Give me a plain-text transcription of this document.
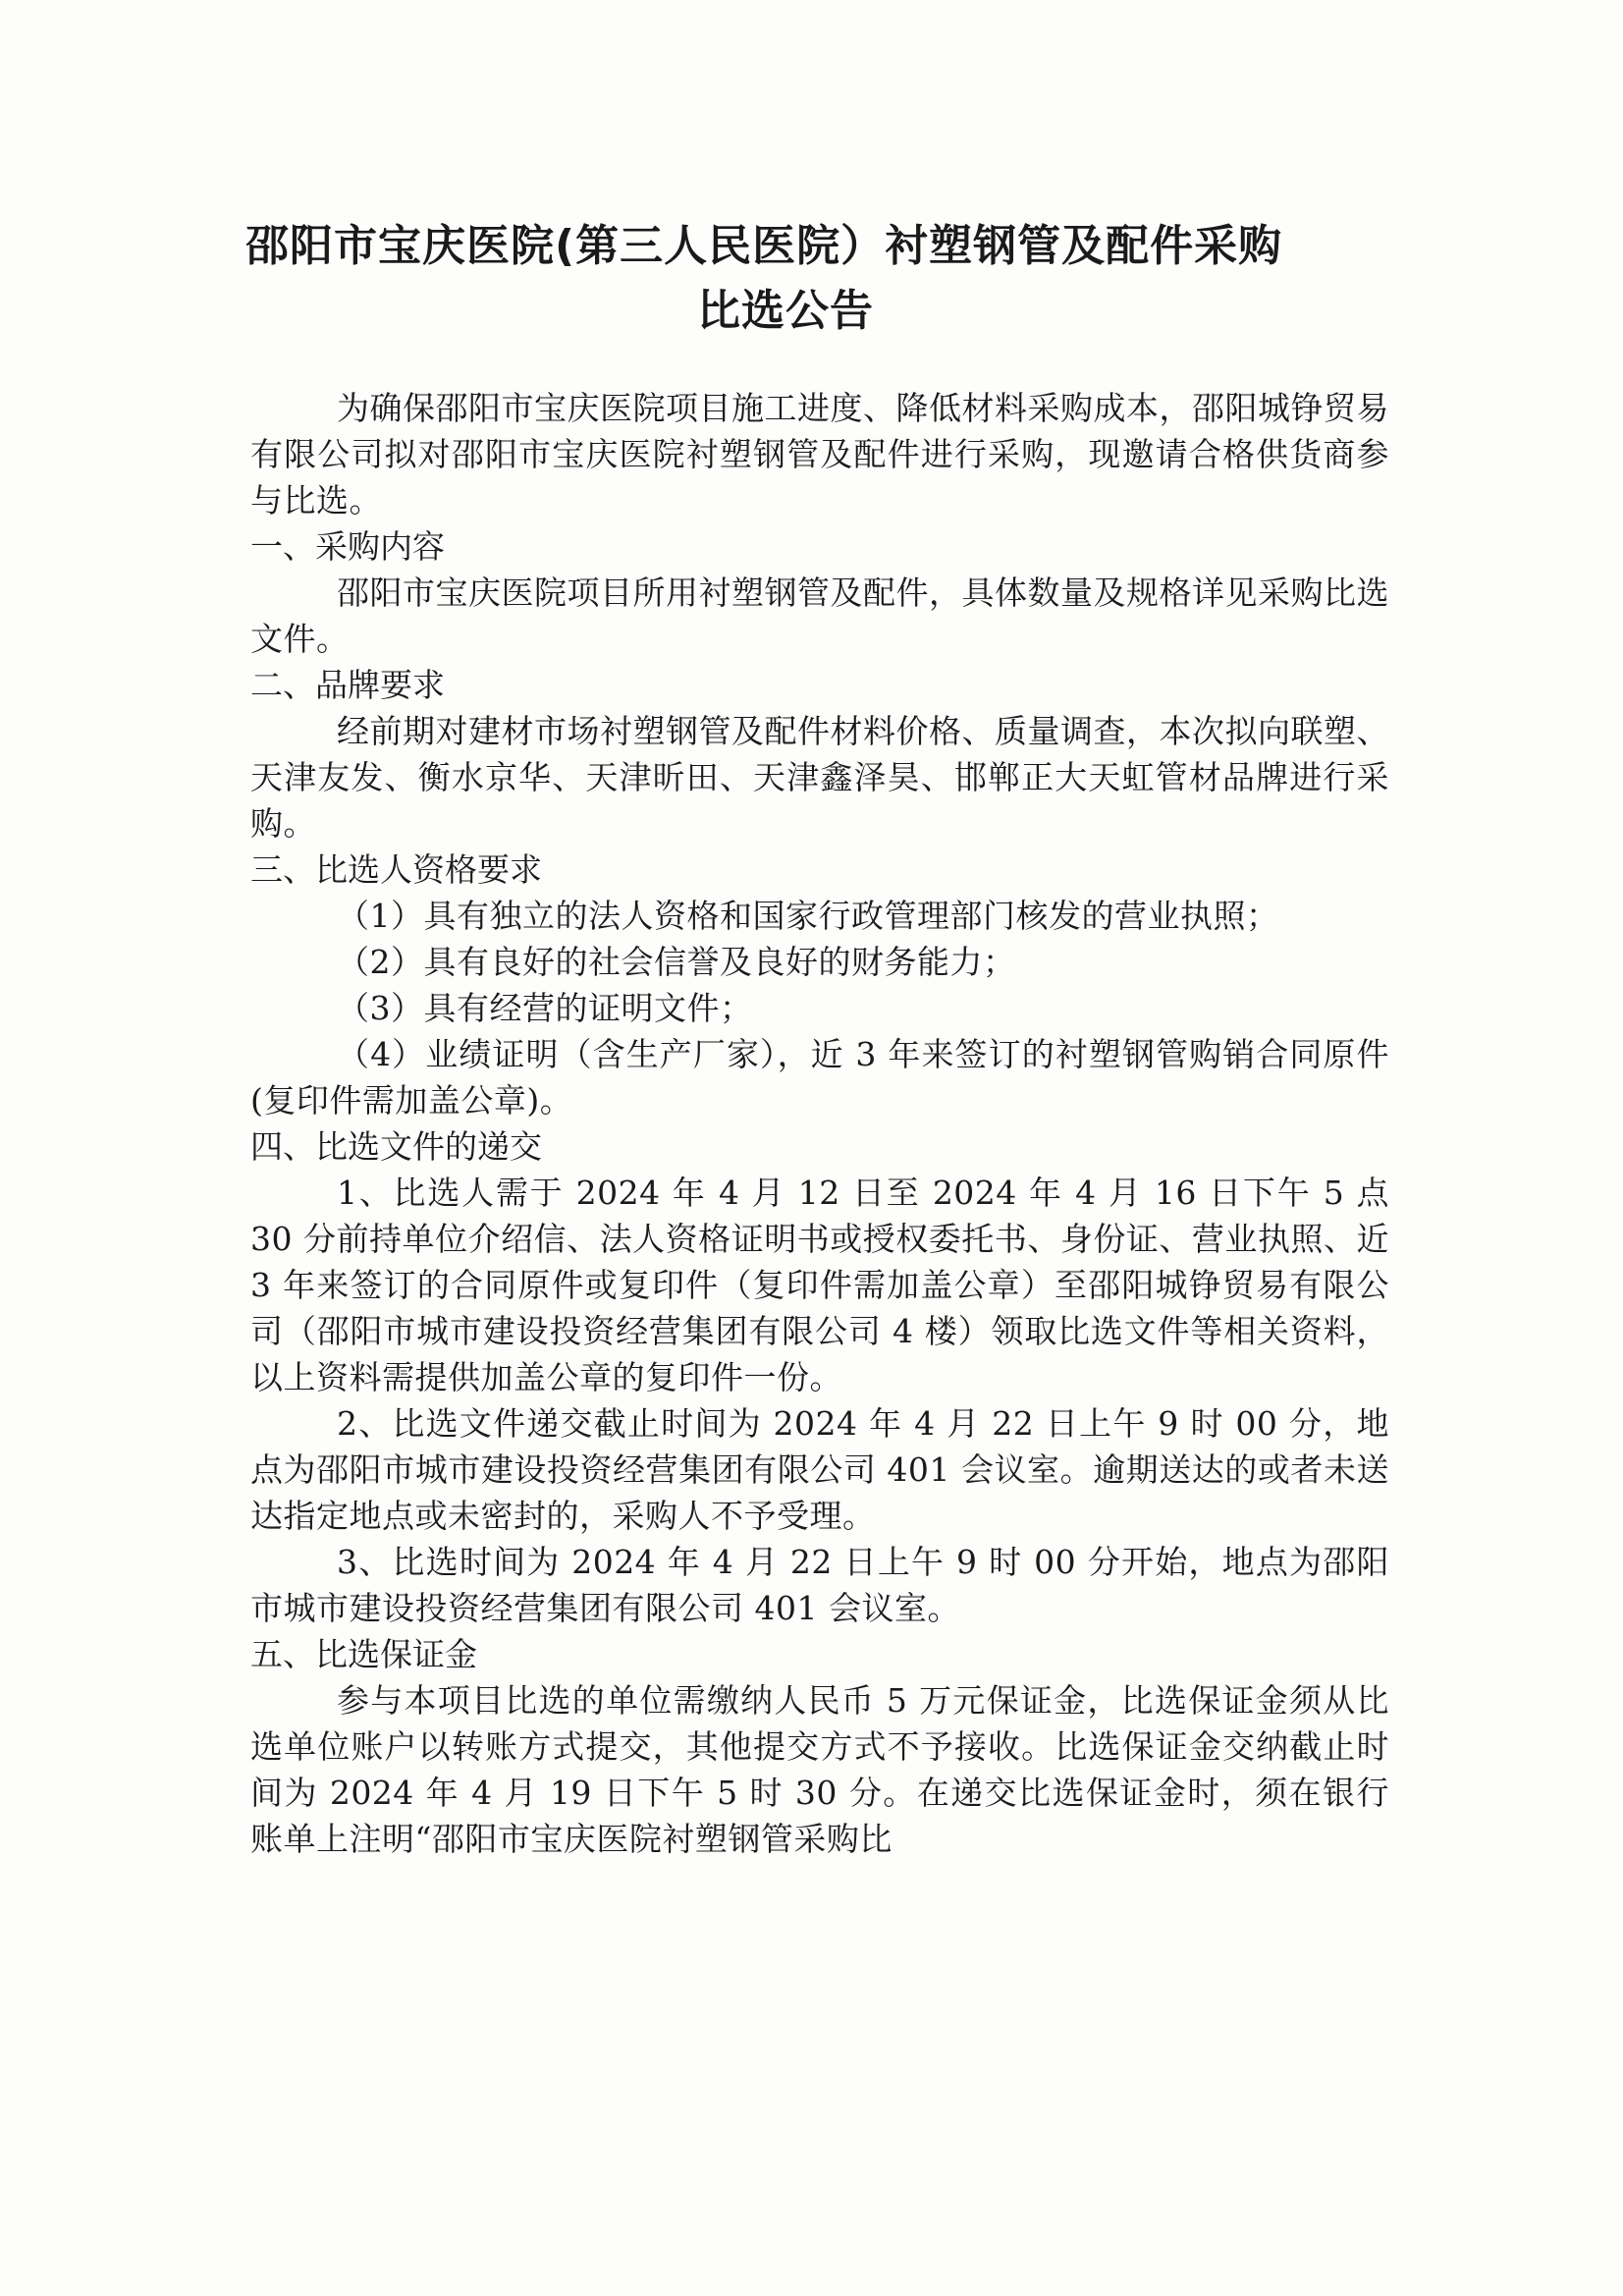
邵阳市宝庆医院(第三人民医院）衬塑钢管及配件采购
比选公告

为确保邵阳市宝庆医院项目施工进度、降低材料采购成本，邵阳城铮贸易有限公司拟对邵阳市宝庆医院衬塑钢管及配件进行采购，现邀请合格供货商参与比选。

一、采购内容

邵阳市宝庆医院项目所用衬塑钢管及配件，具体数量及规格详见采购比选文件。

二、品牌要求

经前期对建材市场衬塑钢管及配件材料价格、质量调查，本次拟向联塑、天津友发、衡水京华、天津昕田、天津鑫泽昊、邯郸正大天虹管材品牌进行采购。

三、比选人资格要求

（1）具有独立的法人资格和国家行政管理部门核发的营业执照；

（2）具有良好的社会信誉及良好的财务能力；

（3）具有经营的证明文件；

（4）业绩证明（含生产厂家），近 3 年来签订的衬塑钢管购销合同原件(复印件需加盖公章)。

四、比选文件的递交

1、比选人需于 2024 年 4 月 12 日至 2024 年 4 月 16 日下午 5 点 30 分前持单位介绍信、法人资格证明书或授权委托书、身份证、营业执照、近 3 年来签订的合同原件或复印件（复印件需加盖公章）至邵阳城铮贸易有限公司（邵阳市城市建设投资经营集团有限公司 4 楼）领取比选文件等相关资料，以上资料需提供加盖公章的复印件一份。

2、比选文件递交截止时间为 2024 年 4 月 22 日上午 9 时 00 分，地点为邵阳市城市建设投资经营集团有限公司 401 会议室。逾期送达的或者未送达指定地点或未密封的，采购人不予受理。

3、比选时间为 2024 年 4 月 22 日上午 9 时 00 分开始，地点为邵阳市城市建设投资经营集团有限公司 401 会议室。

五、比选保证金

参与本项目比选的单位需缴纳人民币 5 万元保证金，比选保证金须从比选单位账户以转账方式提交，其他提交方式不予接收。比选保证金交纳截止时间为 2024 年 4 月 19 日下午 5 时 30 分。在递交比选保证金时，须在银行账单上注明“邵阳市宝庆医院衬塑钢管采购比
